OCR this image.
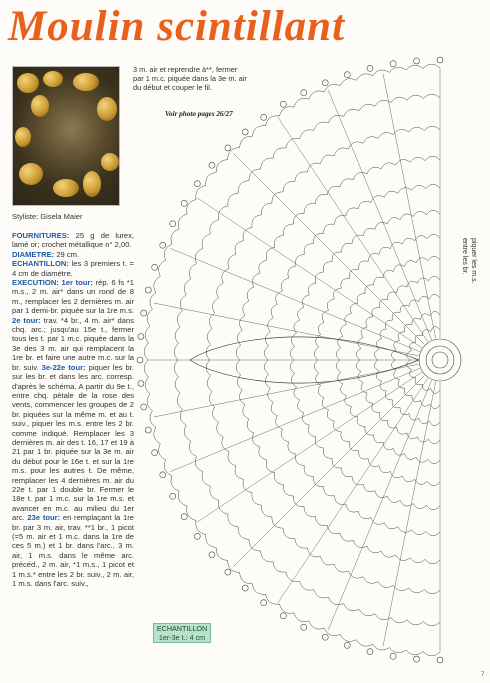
Moulin scintillant
Styliste: Gisela Maier

FOURNITURES: 25 g de lurex, lamé or; crochet métallique n° 2,00.

DIAMETRE: 29 cm.

ECHANTILLON: les 3 premiers t. = 4 cm de diamètre.

EXECUTION: 1er tour: rép. 6 fs *1 m.s., 2 m. air* dans un rond de 8 m., remplacer les 2 dernières m. air par 1 demi-br. piquée sur la 1re m.s. 2e tour: trav. *4 br., 4 m. air* dans chq. arc.; jusqu'au 15e t., fermer tous les t. par 1 m.c. piquée dans la 3e des 3 m. air qui remplacent la 1re br. et faire une autre m.c. sur la br. suiv. 3e-22e tour: piquer les br. sur les br. et dans les arc. corresp. d'après le schéma. A partir du 9e t., entre chq. pétale de la rose des vents, commencer les groupes de 2 br. piquées sur la même m. et au t. suiv., piquer les m.s. entre les 2 br. comme indiqué. Remplacer les 3 dernières m. air des t. 16, 17 et 19 à 21 par 1 br. piquée sur la 3e m. air du début pour le 16e t. et sur la 1re m.s. pour les autres t. De même, remplacer les 4 dernières m. air du 22e t. par 1 double br. Fermer le 18e t. par 1 m.c. sur la 1re m.s. et avancer en m.c. au milieu du 1er arc. 23e tour: en remplaçant la 1re br. par 3 m. air, trav. **1 br., 1 picot (=5 m. air et 1 m.c. dans la 1re de ces 5 m.) et 1 br. dans l'arc., 3 m. air, 1 m.s. dans le même arc. précéd., 2 m. air, *1 m.s., 1 picot et 1 m.s.* entre les 2 br. suiv., 2 m. air, 1 m.s. dans l'arc. suiv.,

3 m. air et reprendre à**, fermer par 1 m.c. piquée dans la 3e m. air du début et couper le fil.
Voir photo pages 26/27
piquer les m.s.
entre les br.
ECHANTILLON
1er-3e t.: 4 cm
7
